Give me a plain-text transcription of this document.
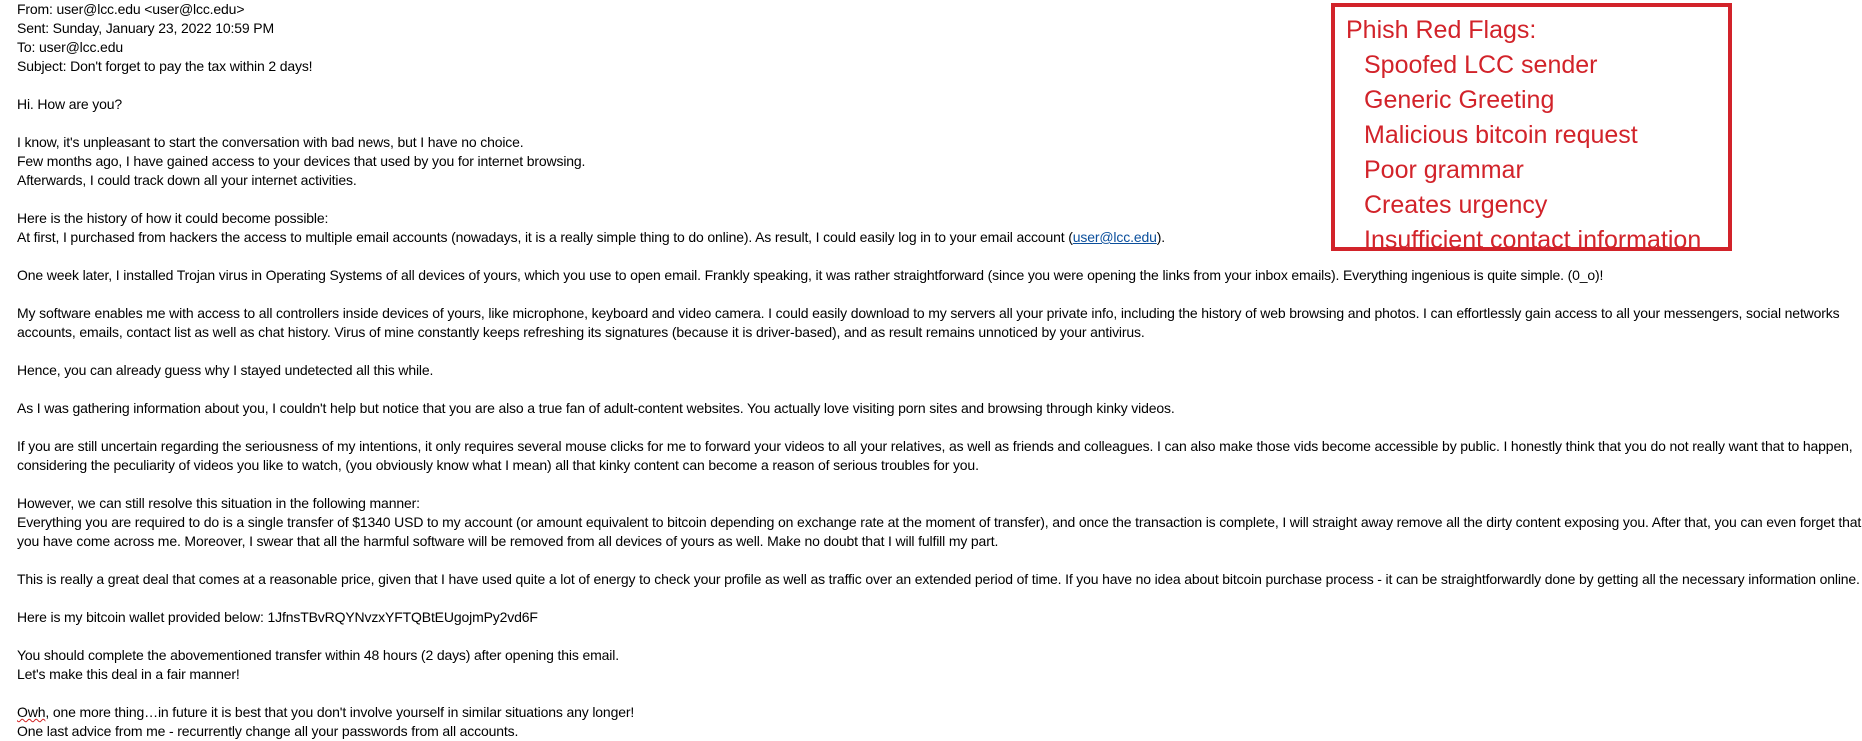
From: user@lcc.edu <user@lcc.edu>
Sent: Sunday, January 23, 2022 10:59 PM
To: user@lcc.edu
Subject: Don't forget to pay the tax within 2 days!
Hi. How are you?
I know, it's unpleasant to start the conversation with bad news, but I have no choice.
Few months ago, I have gained access to your devices that used by you for internet browsing.
Afterwards, I could track down all your internet activities.
Here is the history of how it could become possible:
At first, I purchased from hackers the access to multiple email accounts (nowadays, it is a really simple thing to do online). As result, I could easily log in to your email account (user@lcc.edu).
One week later, I installed Trojan virus in Operating Systems of all devices of yours, which you use to open email. Frankly speaking, it was rather straightforward (since you were opening the links from your inbox emails). Everything ingenious is quite simple. (0_o)!
My software enables me with access to all controllers inside devices of yours, like microphone, keyboard and video camera. I could easily download to my servers all your private info, including the history of web browsing and photos. I can effortlessly gain access to all your messengers, social networks
accounts, emails, contact list as well as chat history. Virus of mine constantly keeps refreshing its signatures (because it is driver-based), and as result remains unnoticed by your antivirus.
Hence, you can already guess why I stayed undetected all this while.
As I was gathering information about you, I couldn't help but notice that you are also a true fan of adult-content websites. You actually love visiting porn sites and browsing through kinky videos.
If you are still uncertain regarding the seriousness of my intentions, it only requires several mouse clicks for me to forward your videos to all your relatives, as well as friends and colleagues. I can also make those vids become accessible by public. I honestly think that you do not really want that to happen,
considering the peculiarity of videos you like to watch, (you obviously know what I mean) all that kinky content can become a reason of serious troubles for you.
However, we can still resolve this situation in the following manner:
Everything you are required to do is a single transfer of $1340 USD to my account (or amount equivalent to bitcoin depending on exchange rate at the moment of transfer), and once the transaction is complete, I will straight away remove all the dirty content exposing you. After that, you can even forget that
you have come across me. Moreover, I swear that all the harmful software will be removed from all devices of yours as well. Make no doubt that I will fulfill my part.
This is really a great deal that comes at a reasonable price, given that I have used quite a lot of energy to check your profile as well as traffic over an extended period of time. If you have no idea about bitcoin purchase process - it can be straightforwardly done by getting all the necessary information online.
Here is my bitcoin wallet provided below: 1JfnsTBvRQYNvzxYFTQBtEUgojmPy2vd6F
You should complete the abovementioned transfer within 48 hours (2 days) after opening this email.
Let's make this deal in a fair manner!
Owh, one more thing…in future it is best that you don't involve yourself in similar situations any longer!
One last advice from me - recurrently change all your passwords from all accounts.
Phish Red Flags:
Spoofed LCC sender
Generic Greeting
Malicious bitcoin request
Poor grammar
Creates urgency
Insufficient contact information
